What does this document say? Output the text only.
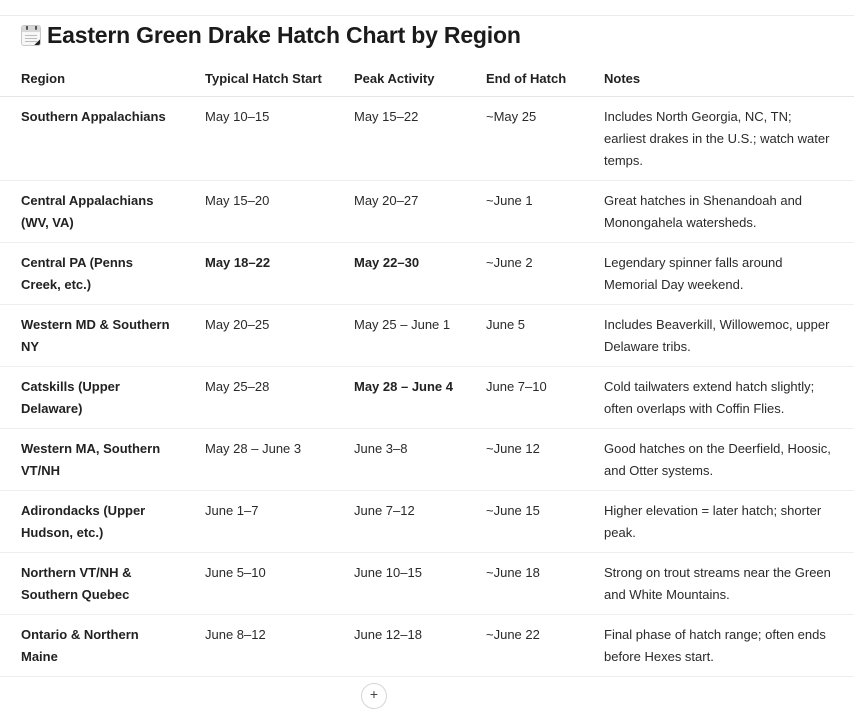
Eastern Green Drake Hatch Chart by Region
Region	Typical Hatch Start	Peak Activity	End of Hatch	Notes
Southern Appalachians	May 10–15	May 15–22	~May 25	Includes North Georgia, NC, TN; earliest drakes in the U.S.; watch water temps.
Central Appalachians (WV, VA)	May 15–20	May 20–27	~June 1	Great hatches in Shenandoah and Monongahela watersheds.
Central PA (Penns Creek, etc.)	May 18–22	May 22–30	~June 2	Legendary spinner falls around Memorial Day weekend.
Western MD & Southern NY	May 20–25	May 25 – June 1	June 5	Includes Beaverkill, Willowemoc, upper Delaware tribs.
Catskills (Upper Delaware)	May 25–28	May 28 – June 4	June 7–10	Cold tailwaters extend hatch slightly; often overlaps with Coffin Flies.
Western MA, Southern VT/NH	May 28 – June 3	June 3–8	~June 12	Good hatches on the Deerfield, Hoosic, and Otter systems.
Adirondacks (Upper Hudson, etc.)	June 1–7	June 7–12	~June 15	Higher elevation = later hatch; shorter peak.
Northern VT/NH & Southern Quebec	June 5–10	June 10–15	~June 18	Strong on trout streams near the Green and White Mountains.
Ontario & Northern Maine	June 8–12	June 12–18	~June 22	Final phase of hatch range; often ends before Hexes start.
+
